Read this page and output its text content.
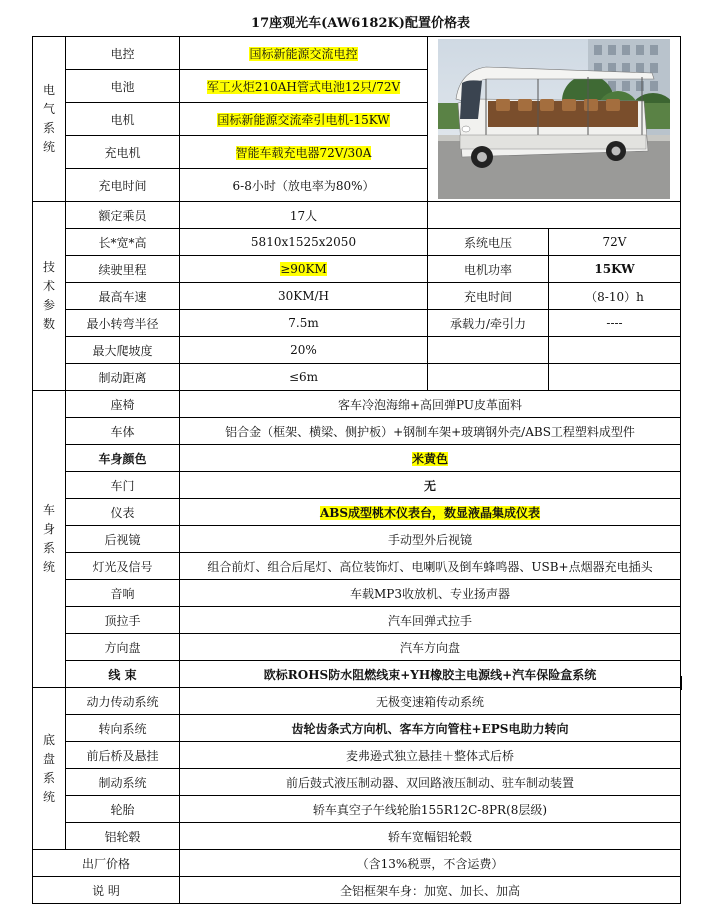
17座观光车(AW6182K)配置价格表
电气系统	电控	国标新能源交流电控	

	电池	军工火炬210AH管式电池12只/72V		
	电机	国标新能源交流牵引电机-15KW		
	充电机	智能车载充电器72V/30A		
	充电时间	6-8小时（放电率为80%）		
技术参数	额定乘员	17人		
	长*宽*高	5810x1525x2050	系统电压	72V
	续驶里程	≥90KM	电机功率	15KW
	最高车速	30KM/H	充电时间	（8-10）h
	最小转弯半径	7.5m	承载力/牵引力	----
	最大爬坡度	20%		
	制动距离	≤6m		
车身系统	座椅	客车冷泡海绵+高回弹PU皮革面料		
	车体	铝合金（框架、横梁、侧护板）+钢制车架+玻璃钢外壳/ABS工程塑料成型件		
	车身颜色	米黄色		
	车门	无		
	仪表	ABS成型桃木仪表台，数显液晶集成仪表		
	后视镜	手动型外后视镜		
	灯光及信号	组合前灯、组合后尾灯、高位装饰灯、电喇叭及倒车蜂鸣器、USB+点烟器充电插头		
	音响	车载MP3收放机、专业扬声器		
	顶拉手	汽车回弹式拉手		
	方向盘	汽车方向盘		
	线 束	欧标ROHS防水阻燃线束+YH橡胶主电源线+汽车保险盒系统		
底盘系统	动力传动系统	无极变速箱传动系统		
	转向系统	齿轮齿条式方向机、客车方向管柱+EPS电助力转向		
	前后桥及悬挂	麦弗逊式独立悬挂＋整体式后桥		
	制动系统	前后鼓式液压制动器、双回路液压制动、驻车制动装置		
	轮胎	轿车真空子午线轮胎155R12C-8PR(8层级)		
	铝轮毂	轿车宽幅铝轮毂		
出厂价格		（含13%税票，不含运费）		
说 明		全铝框架车身：加宽、加长、加高		
